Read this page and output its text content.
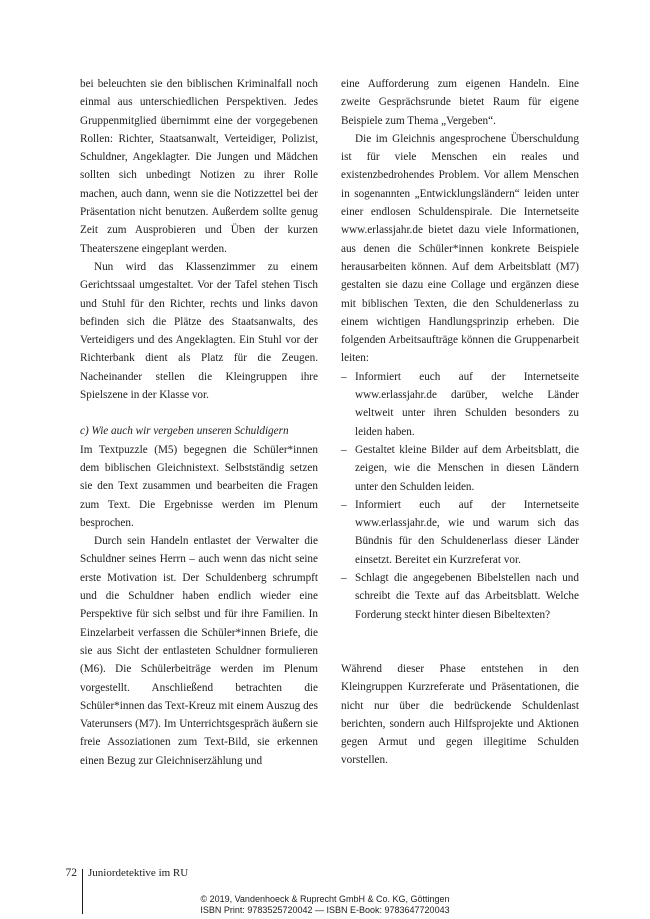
bei beleuchten sie den biblischen Kriminalfall noch einmal aus unterschiedlichen Perspektiven. Jedes Gruppenmitglied übernimmt eine der vorgegebenen Rollen: Richter, Staatsanwalt, Verteidiger, Polizist, Schuldner, Angeklagter. Die Jungen und Mädchen sollten sich unbedingt Notizen zu ihrer Rolle machen, auch dann, wenn sie die Notizzettel bei der Präsentation nicht benutzen. Außerdem sollte genug Zeit zum Ausprobieren und Üben der kurzen Theaterszene eingeplant werden.

Nun wird das Klassenzimmer zu einem Gerichtssaal umgestaltet. Vor der Tafel stehen Tisch und Stuhl für den Richter, rechts und links davon befinden sich die Plätze des Staatsanwalts, des Verteidigers und des Angeklagten. Ein Stuhl vor der Richterbank dient als Platz für die Zeugen. Nacheinander stellen die Kleingruppen ihre Spielszene in der Klasse vor.

c) Wie auch wir vergeben unseren Schuldigern

Im Textpuzzle (M5) begegnen die Schüler*innen dem biblischen Gleichnistext. Selbstständig setzen sie den Text zusammen und bearbeiten die Fragen zum Text. Die Ergebnisse werden im Plenum besprochen.

Durch sein Handeln entlastet der Verwalter die Schuldner seines Herrn – auch wenn das nicht seine erste Motivation ist. Der Schuldenberg schrumpft und die Schuldner haben endlich wieder eine Perspektive für sich selbst und für ihre Familien. In Einzelarbeit verfassen die Schüler*innen Briefe, die sie aus Sicht der entlasteten Schuldner formulieren (M6). Die Schülerbeiträge werden im Plenum vorgestellt. Anschließend betrachten die Schüler*innen das Text-Kreuz mit einem Auszug des Vaterunsers (M7). Im Unterrichtsgespräch äußern sie freie Assoziationen zum Text-Bild, sie erkennen einen Bezug zur Gleichniserzählung und

eine Aufforderung zum eigenen Handeln. Eine zweite Gesprächsrunde bietet Raum für eigene Beispiele zum Thema „Vergeben“.

Die im Gleichnis angesprochene Überschuldung ist für viele Menschen ein reales und existenzbedrohendes Problem. Vor allem Menschen in sogenannten „Entwicklungsländern“ leiden unter einer endlosen Schuldenspirale. Die Internetseite www.erlassjahr.de bietet dazu viele Informationen, aus denen die Schüler*innen konkrete Beispiele herausarbeiten können. Auf dem Arbeitsblatt (M7) gestalten sie dazu eine Collage und ergänzen diese mit biblischen Texten, die den Schuldenerlass zu einem wichtigen Handlungsprinzip erheben. Die folgenden Arbeitsaufträge können die Gruppenarbeit leiten:

– Informiert euch auf der Internetseite www.erlassjahr.de darüber, welche Länder weltweit unter ihren Schulden besonders zu leiden haben.
– Gestaltet kleine Bilder auf dem Arbeitsblatt, die zeigen, wie die Menschen in diesen Ländern unter den Schulden leiden.
– Informiert euch auf der Internetseite www.erlassjahr.de, wie und warum sich das Bündnis für den Schuldenerlass dieser Länder einsetzt. Bereitet ein Kurzreferat vor.
– Schlagt die angegebenen Bibelstellen nach und schreibt die Texte auf das Arbeitsblatt. Welche Forderung steckt hinter diesen Bibeltexten?

Während dieser Phase entstehen in den Kleingruppen Kurzreferate und Präsentationen, die nicht nur über die bedrückende Schuldenlast berichten, sondern auch Hilfsprojekte und Aktionen gegen Armut und gegen illegitime Schulden vorstellen.

72 Juniordetektive im RU
© 2019, Vandenhoeck & Ruprecht GmbH & Co. KG, Göttingen
ISBN Print: 9783525720042 — ISBN E-Book: 9783647720043
